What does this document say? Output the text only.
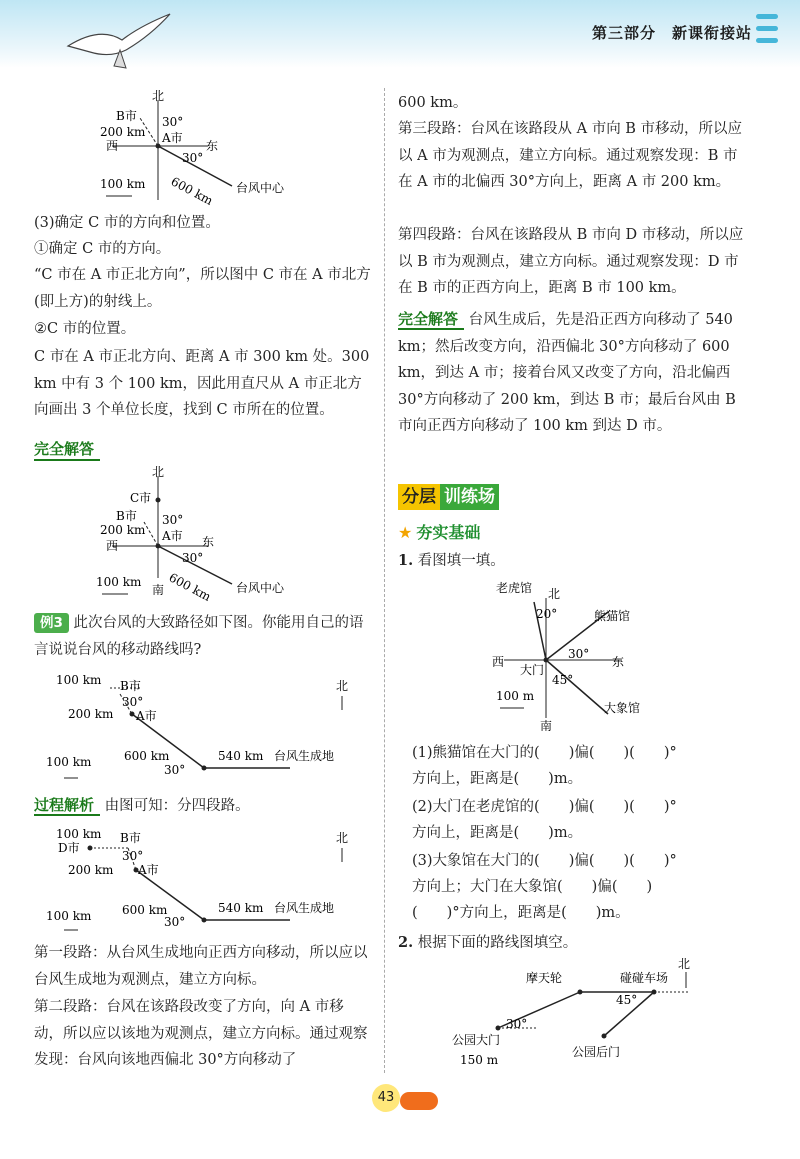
第三部分　新课衔接站
北
西	东
B市 30°
200 km A市
30°
600 km 台风中心
100 km
(3)确定 C 市的方向和位置。
①确定 C 市的方向。
“C 市在 A 市正北方向”，所以图中 C 市在 A 市北方(即上方)的射线上。
②C 市的位置。
C 市在 A 市正北方向、距离 A 市 300 km 处。300 km 中有 3 个 100 km，因此用直尺从 A 市正北方向画出 3 个单位长度，找到 C 市所在的位置。
完全解答
北
C市
B市 30°
200 km A市
西	东
30°
600 km 台风中心
100 km
南
例3 此次台风的大致路径如下图。你能用自己的语言说说台风的移动路线吗?
100 km B市
30°
200 km A市
600 km
30°
540 km 台风生成地
北
100 km
过程解析 由图可知：分四段路。
100 km B市
D市
30°
200 km A市
600 km
30°
540 km 台风生成地
北
100 km
第一段路：从台风生成地向正西方向移动，所以应以台风生成地为观测点，建立方向标。
第二段路：台风在该路段改变了方向，向 A 市移动，所以应以该地为观测点，建立方向标。通过观察发现：台风向该地西偏北 30°方向移动了
600 km。
第三段路：台风在该路段从 A 市向 B 市移动，所以应以 A 市为观测点，建立方向标。通过观察发现：B 市在 A 市的北偏西 30°方向上，距离 A 市 200 km。
第四段路：台风在该路段从 B 市向 D 市移动，所以应以 B 市为观测点，建立方向标。通过观察发现：D 市在 B 市的正西方向上，距离 B 市 100 km。
完全解答 台风生成后，先是沿正西方向移动了 540 km；然后改变方向，沿西偏北 30°方向移动了 600 km，到达 A 市；接着台风又改变了方向，沿北偏西 30°方向移动了 200 km，到达 B 市；最后台风由 B 市向正西方向移动了 100 km 到达 D 市。
分层 训练场
★ 夯实基础
1. 看图填一填。
老虎馆 北
20°	熊猫馆
30°
西
大门
东
45°
100 m
大象馆
南
(1)熊猫馆在大门的(　　)偏(　　)(　　)°
方向上，距离是(　　)m。
(2)大门在老虎馆的(　　)偏(　　)(　　)°
方向上，距离是(　　)m。
(3)大象馆在大门的(　　)偏(　　)(　　)°
方向上；大门在大象馆(　　)偏(　　)
(　　)°方向上，距离是(　　)m。
2. 根据下面的路线图填空。
摩天轮	碰碰车场
北
45°
30°
公园大门
公园后门
150 m
43
